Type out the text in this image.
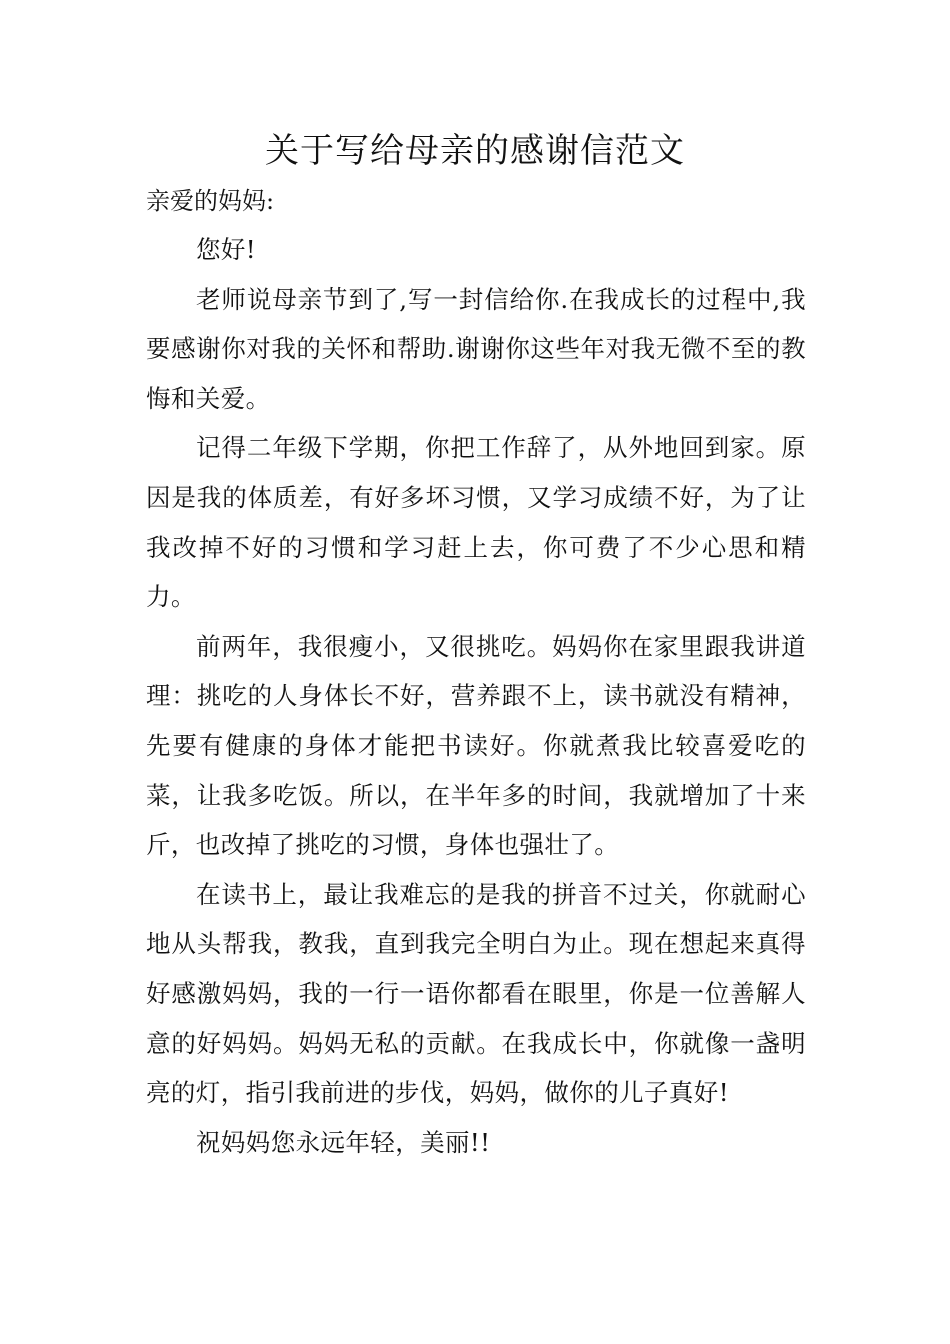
关于写给母亲的感谢信范文

亲爱的妈妈:

您好!

老师说母亲节到了,写一封信给你.在我成长的过程中,我要感谢你对我的关怀和帮助.谢谢你这些年对我无微不至的教悔和关爱。

记得二年级下学期，你把工作辞了，从外地回到家。原因是我的体质差，有好多坏习惯，又学习成绩不好，为了让我改掉不好的习惯和学习赶上去，你可费了不少心思和精力。

前两年，我很瘦小，又很挑吃。妈妈你在家里跟我讲道理：挑吃的人身体长不好，营养跟不上，读书就没有精神，先要有健康的身体才能把书读好。你就煮我比较喜爱吃的菜，让我多吃饭。所以，在半年多的时间，我就增加了十来斤，也改掉了挑吃的习惯，身体也强壮了。

在读书上，最让我难忘的是我的拼音不过关，你就耐心地从头帮我，教我，直到我完全明白为止。现在想起来真得好感激妈妈，我的一行一语你都看在眼里，你是一位善解人意的好妈妈。妈妈无私的贡献。在我成长中，你就像一盏明亮的灯，指引我前进的步伐，妈妈，做你的儿子真好!

祝妈妈您永远年轻，美丽!!
